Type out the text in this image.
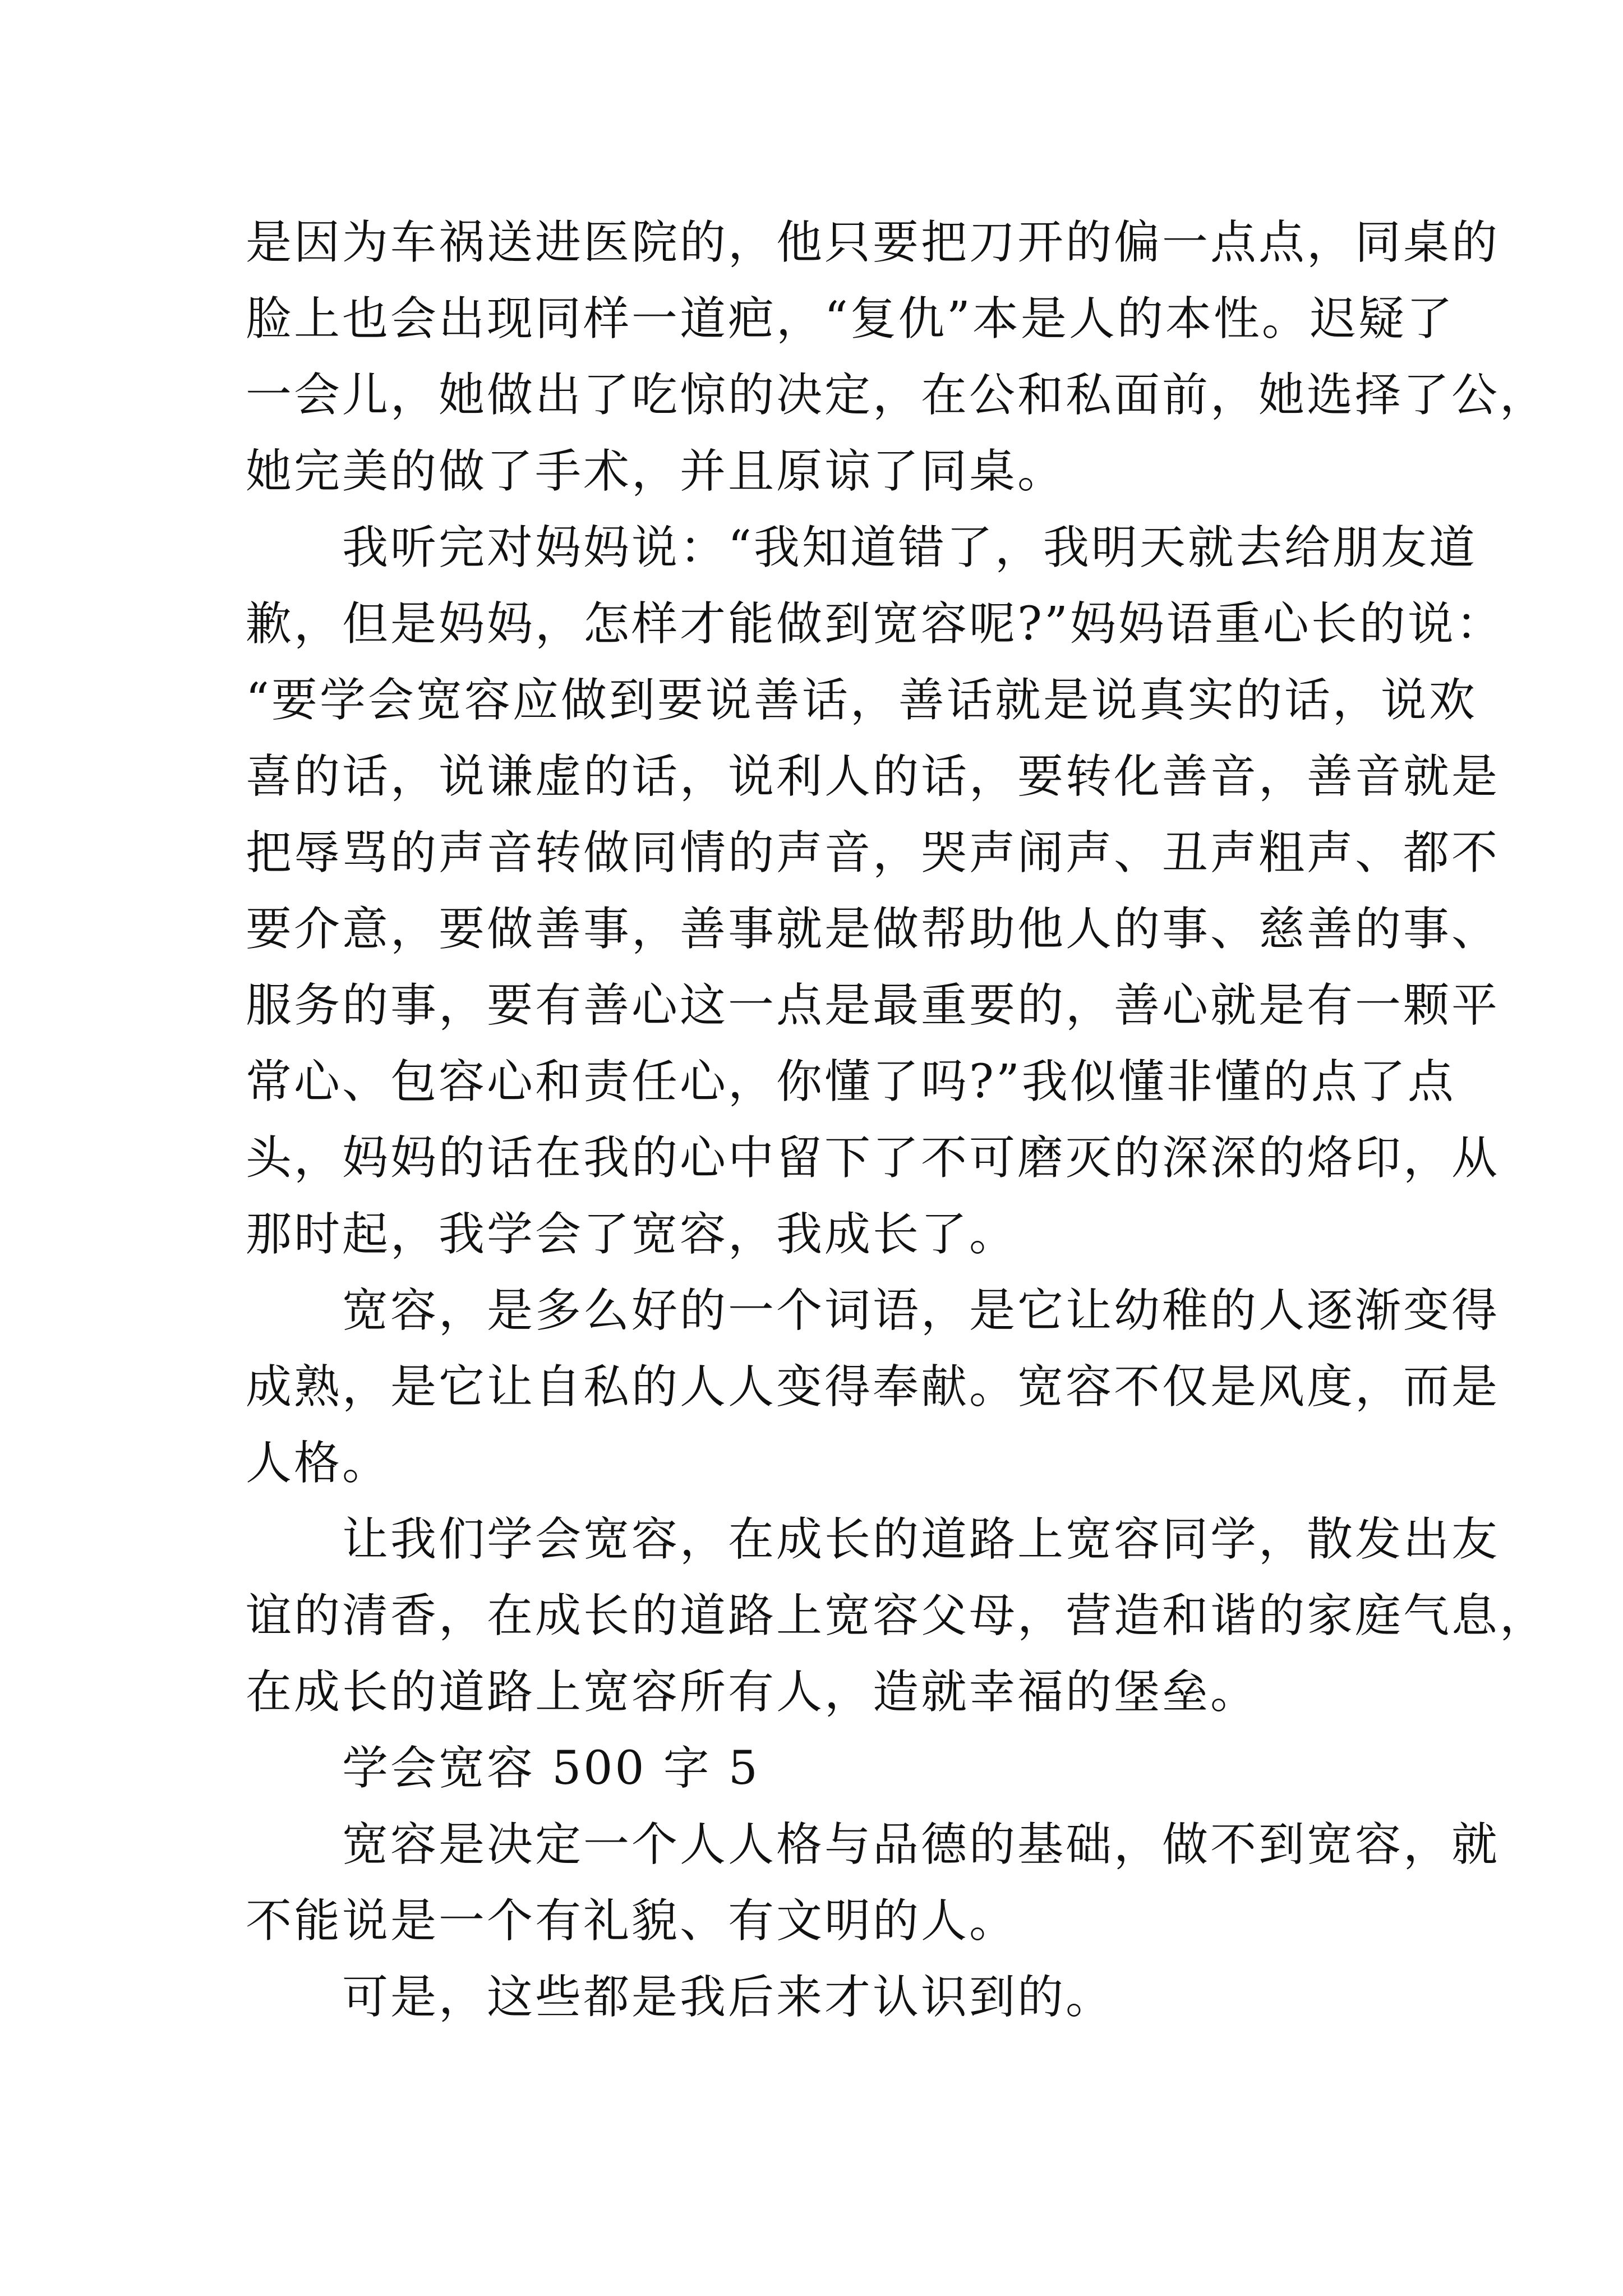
是因为车祸送进医院的，他只要把刀开的偏一点点，同桌的
脸上也会出现同样一道疤，“复仇”本是人的本性。迟疑了
一会儿，她做出了吃惊的决定，在公和私面前，她选择了公，
她完美的做了手术，并且原谅了同桌。
　　我听完对妈妈说：“我知道错了，我明天就去给朋友道
歉，但是妈妈，怎样才能做到宽容呢?”妈妈语重心长的说：
“要学会宽容应做到要说善话，善话就是说真实的话，说欢
喜的话，说谦虚的话，说利人的话，要转化善音，善音就是
把辱骂的声音转做同情的声音，哭声闹声、丑声粗声、都不
要介意，要做善事，善事就是做帮助他人的事、慈善的事、
服务的事，要有善心这一点是最重要的，善心就是有一颗平
常心、包容心和责任心，你懂了吗?”我似懂非懂的点了点
头，妈妈的话在我的心中留下了不可磨灭的深深的烙印，从
那时起，我学会了宽容，我成长了。
　　宽容，是多么好的一个词语，是它让幼稚的人逐渐变得
成熟，是它让自私的人人变得奉献。宽容不仅是风度，而是
人格。
　　让我们学会宽容，在成长的道路上宽容同学，散发出友
谊的清香，在成长的道路上宽容父母，营造和谐的家庭气息，
在成长的道路上宽容所有人，造就幸福的堡垒。
　　学会宽容 500 字 5
　　宽容是决定一个人人格与品德的基础，做不到宽容，就
不能说是一个有礼貌、有文明的人。
　　可是，这些都是我后来才认识到的。
